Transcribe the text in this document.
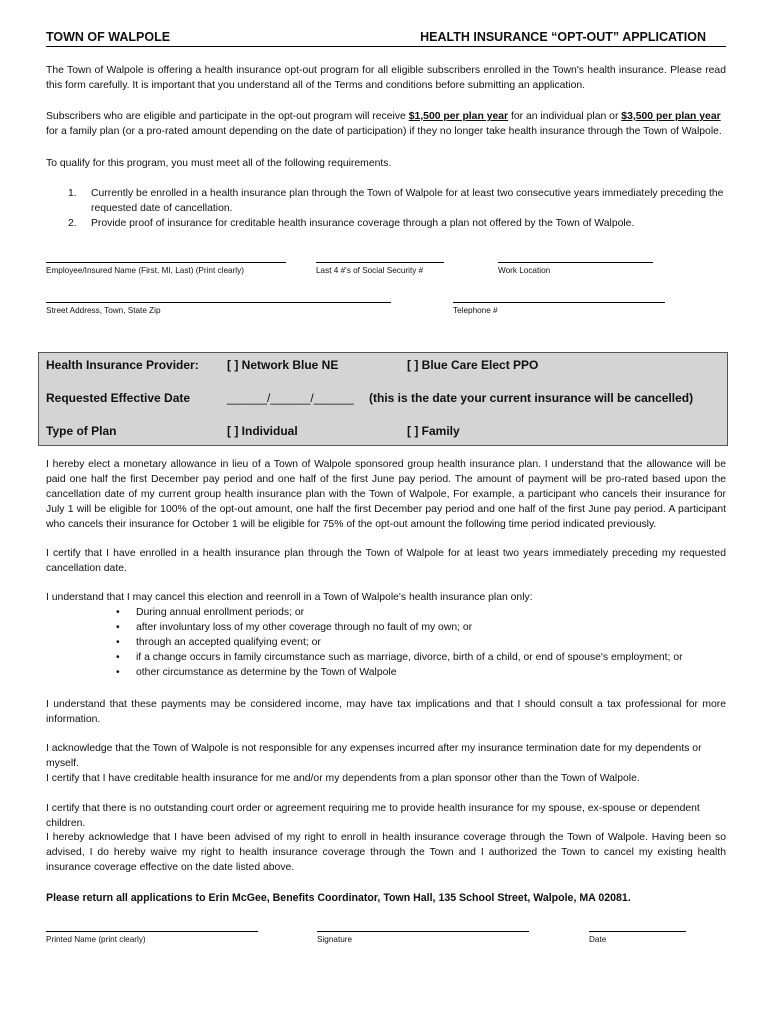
TOWN OF WALPOLE	HEALTH INSURANCE “OPT-OUT” APPLICATION
The Town of Walpole is offering a health insurance opt-out program for all eligible subscribers enrolled in the Town's health insurance. Please read this form carefully. It is important that you understand all of the Terms and conditions before submitting an application.
Subscribers who are eligible and participate in the opt-out program will receive $1,500 per plan year for an individual plan or $3,500 per plan year for a family plan (or a pro-rated amount depending on the date of participation) if they no longer take health insurance through the Town of Walpole.
To qualify for this program, you must meet all of the following requirements.
1. Currently be enrolled in a health insurance plan through the Town of Walpole for at least two consecutive years immediately preceding the requested date of cancellation.
2. Provide proof of insurance for creditable health insurance coverage through a plan not offered by the Town of Walpole.
Employee/Insured Name (First, MI, Last) (Print clearly)	Last 4 #'s of Social Security #	Work Location
Street Address, Town, State Zip	Telephone #
I hereby elect a monetary allowance in lieu of a Town of Walpole sponsored group health insurance plan. I understand that the allowance will be paid one half the first December pay period and one half of the first June pay period. The amount of payment will be pro-rated based upon the cancellation date of my current group health insurance plan with the Town of Walpole, For example, a participant who cancels their insurance for July 1 will be eligible for 100% of the opt-out amount, one half the first December pay period and one half of the first June pay period. A participant who cancels their insurance for October 1 will be eligible for 75% of the opt-out amount the following time period indicated previously.
I certify that I have enrolled in a health insurance plan through the Town of Walpole for at least two years immediately preceding my requested cancellation date.
I understand that I may cancel this election and reenroll in a Town of Walpole's health insurance plan only:
• During annual enrollment periods; or
• after involuntary loss of my other coverage through no fault of my own; or
• through an accepted qualifying event; or
• if a change occurs in family circumstance such as marriage, divorce, birth of a child, or end of spouse's employment; or
• other circumstance as determine by the Town of Walpole
I understand that these payments may be considered income, may have tax implications and that I should consult a tax professional for more information.
I acknowledge that the Town of Walpole is not responsible for any expenses incurred after my insurance termination date for my dependents or myself.
I certify that I have creditable health insurance for me and/or my dependents from a plan sponsor other than the Town of Walpole.
I certify that there is no outstanding court order or agreement requiring me to provide health insurance for my spouse, ex-spouse or dependent children.
I hereby acknowledge that I have been advised of my right to enroll in health insurance coverage through the Town of Walpole. Having been so advised, I do hereby waive my right to health insurance coverage through the Town and I authorized the Town to cancel my existing health insurance coverage effective on the date listed above.
Please return all applications to Erin McGee, Benefits Coordinator, Town Hall, 135 School Street, Walpole, MA 02081.
Printed Name (print clearly)	Signature	Date
Health Insurance Provider: [ ] Network Blue NE	[ ] Blue Care Elect PPO
Requested Effective Date	______/______/______ (this is the date your current insurance will be cancelled)
Type of Plan	[ ] Individual	[ ] Family
